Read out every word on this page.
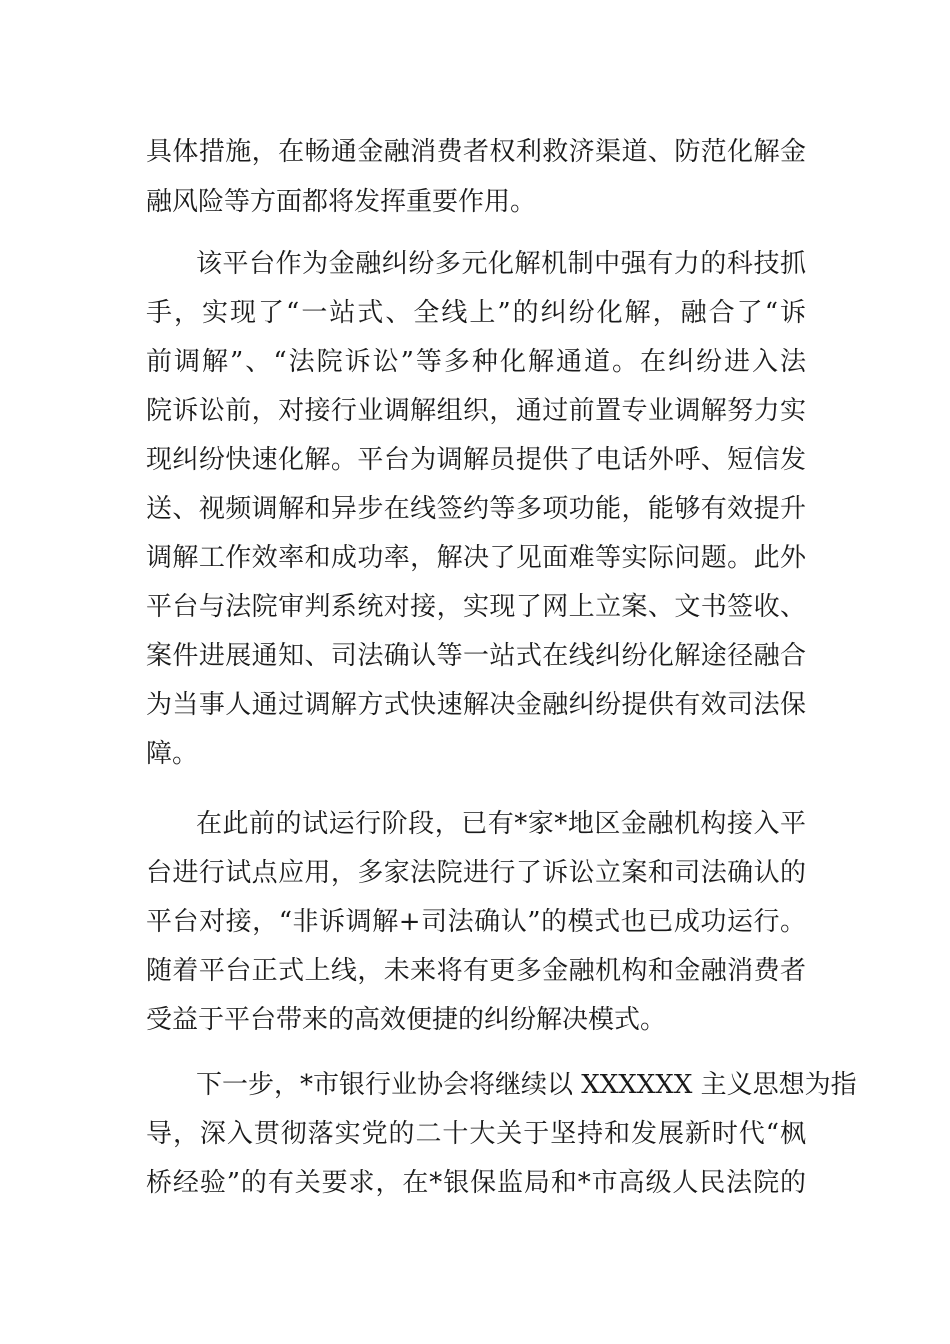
具体措施，在畅通金融消费者权利救济渠道、防范化解金
融风险等方面都将发挥重要作用。
该平台作为金融纠纷多元化解机制中强有力的科技抓
手，实现了“一站式、全线上”的纠纷化解，融合了“诉
前调解”、“法院诉讼”等多种化解通道。在纠纷进入法
院诉讼前，对接行业调解组织，通过前置专业调解努力实
现纠纷快速化解。平台为调解员提供了电话外呼、短信发
送、视频调解和异步在线签约等多项功能，能够有效提升
调解工作效率和成功率，解决了见面难等实际问题。此外
平台与法院审判系统对接，实现了网上立案、文书签收、
案件进展通知、司法确认等一站式在线纠纷化解途径融合
为当事人通过调解方式快速解决金融纠纷提供有效司法保
障。
在此前的试运行阶段，已有*家*地区金融机构接入平
台进行试点应用，多家法院进行了诉讼立案和司法确认的
平台对接，“非诉调解+司法确认”的模式也已成功运行。
随着平台正式上线，未来将有更多金融机构和金融消费者
受益于平台带来的高效便捷的纠纷解决模式。
下一步，*市银行业协会将继续以 XXXXXX 主义思想为指
导，深入贯彻落实党的二十大关于坚持和发展新时代“枫
桥经验”的有关要求，在*银保监局和*市高级人民法院的
